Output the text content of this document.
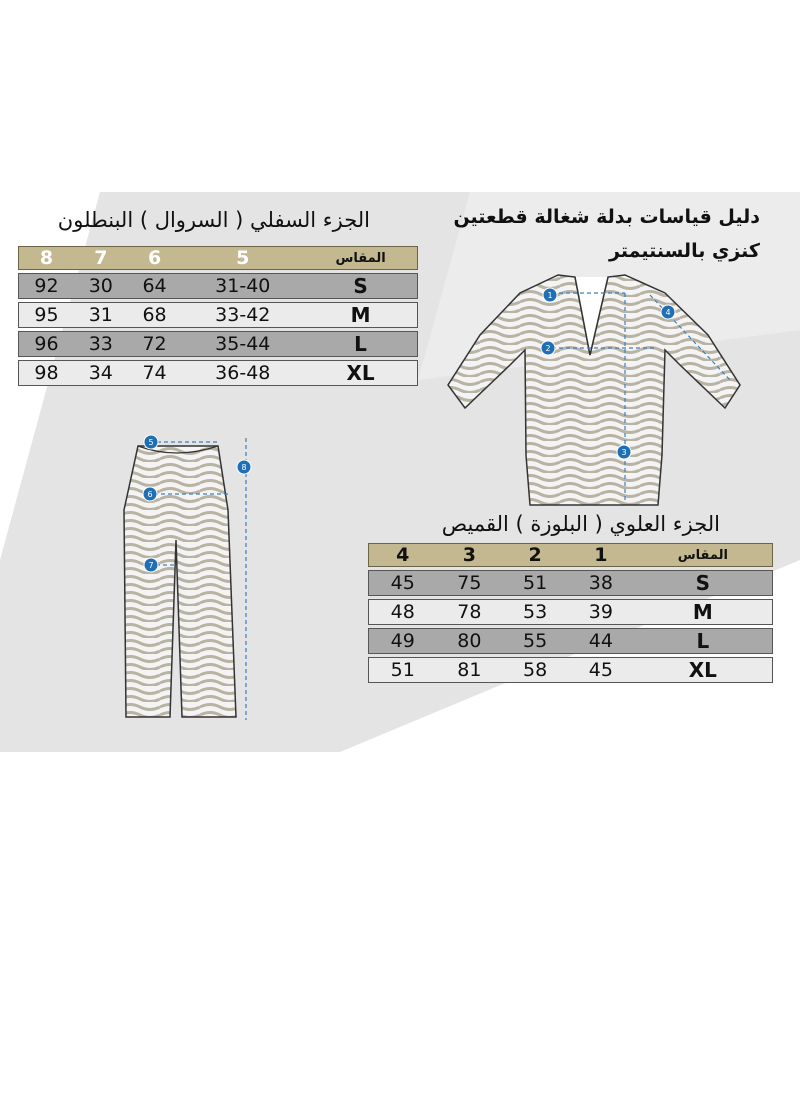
دليل قياسات بدلة شغالة قطعتين كنزي بالسنتيمتر
الجزء السفلي ( السروال ) البنطلون
8	7	6	5	المقاس
92	30	64	31-40	S
95	31	68	33-42	M
96	33	72	35-44	L
98	34	74	36-48	XL
الجزء العلوي ( البلوزة ) القميص
4	3	2	1	المقاس
45	75	51	38	S
48	78	53	39	M
49	80	55	44	L
51	81	58	45	XL
1
2
3
4
5
6
7
8
